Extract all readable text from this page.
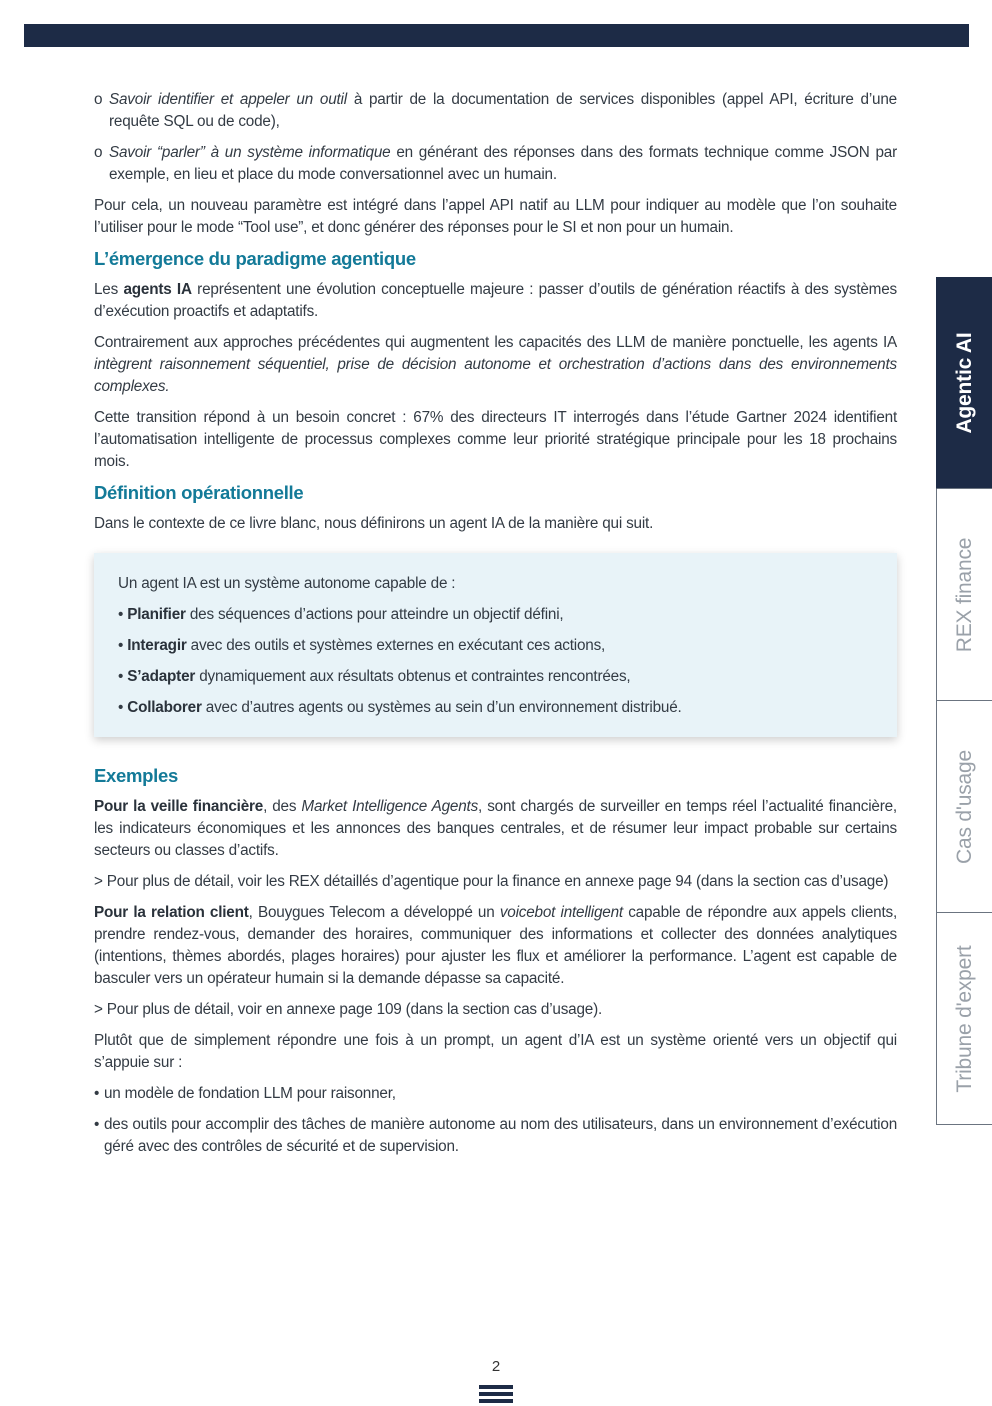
o Savoir identifier et appeler un outil à partir de la documentation de services disponibles (appel API, écriture d’une requête SQL ou de code),
o Savoir “parler” à un système informatique en générant des réponses dans des formats technique comme JSON par exemple, en lieu et place du mode conversationnel avec un humain.

Pour cela, un nouveau paramètre est intégré dans l’appel API natif au LLM pour indiquer au modèle que l’on souhaite l’utiliser pour le mode “Tool use”, et donc générer des réponses pour le SI et non pour un humain.

L’émergence du paradigme agentique

Les agents IA représentent une évolution conceptuelle majeure : passer d’outils de génération réactifs à des systèmes d’exécution proactifs et adaptatifs.

Contrairement aux approches précédentes qui augmentent les capacités des LLM de manière ponctuelle, les agents IA intègrent raisonnement séquentiel, prise de décision autonome et orchestration d’actions dans des environnements complexes.

Cette transition répond à un besoin concret : 67% des directeurs IT interrogés dans l’étude Gartner 2024 identifient l’automatisation intelligente de processus complexes comme leur priorité stratégique principale pour les 18 prochains mois.

Définition opérationnelle

Dans le contexte de ce livre blanc, nous définirons un agent IA de la manière qui suit.

Un agent IA est un système autonome capable de :

• Planifier des séquences d’actions pour atteindre un objectif défini,
• Interagir avec des outils et systèmes externes en exécutant ces actions,
• S’adapter dynamiquement aux résultats obtenus et contraintes rencontrées,
• Collaborer avec d’autres agents ou systèmes au sein d’un environnement distribué.
Exemples

Pour la veille financière, des Market Intelligence Agents, sont chargés de surveiller en temps réel l’actualité financière, les indicateurs économiques et les annonces des banques centrales, et de résumer leur impact probable sur certains secteurs ou classes d’actifs.

> Pour plus de détail, voir les REX détaillés d’agentique pour la finance en annexe page 94 (dans la section cas d’usage)

Pour la relation client, Bouygues Telecom a développé un voicebot intelligent capable de répondre aux appels clients, prendre rendez-vous, demander des horaires, communiquer des informations et collecter des données analytiques (intentions, thèmes abordés, plages horaires) pour ajuster les flux et améliorer la performance. L’agent est capable de basculer vers un opérateur humain si la demande dépasse sa capacité.

> Pour plus de détail, voir en annexe page 109 (dans la section cas d’usage).

Plutôt que de simplement répondre une fois à un prompt, un agent d’IA est un système orienté vers un objectif qui s’appuie sur :

• un modèle de fondation LLM pour raisonner,
• des outils pour accomplir des tâches de manière autonome au nom des utilisateurs, dans un environnement d’exécution géré avec des contrôles de sécurité et de supervision.
Agentic AI
REX finance
Cas d'usage
Tribune d'expert
2
